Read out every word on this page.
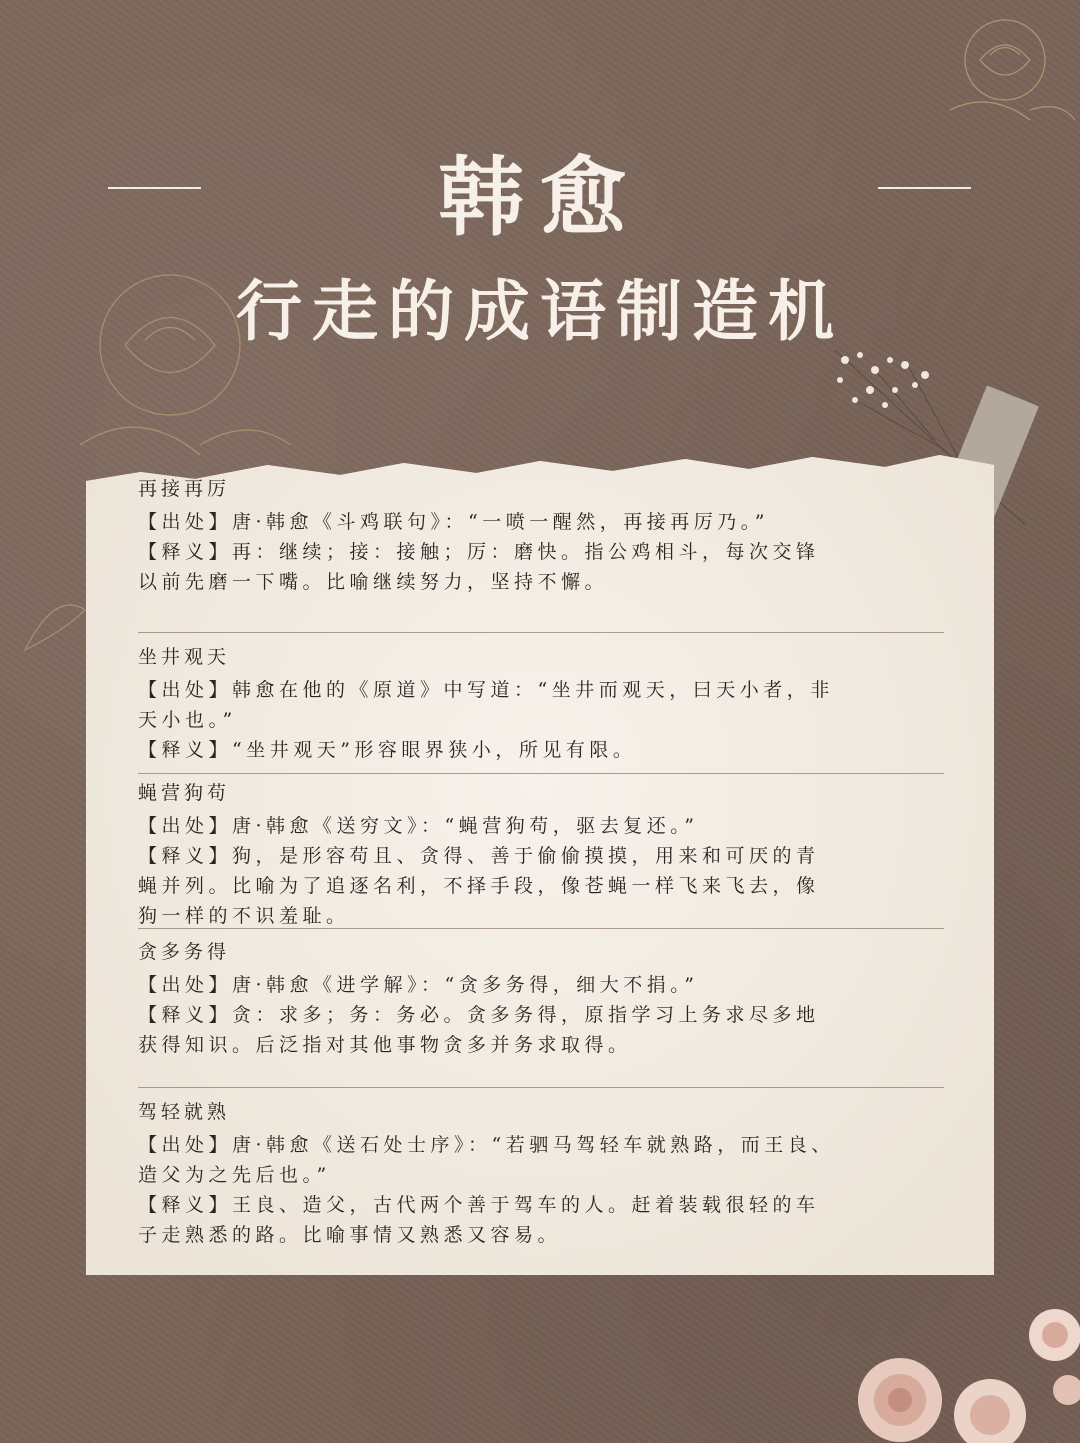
韩愈
行走的成语制造机

再接再厉

【出处】唐·韩愈《斗鸡联句》：“一喷一醒然，再接再厉乃。”

【释义】再：继续；接：接触；厉：磨快。指公鸡相斗，每次交锋

以前先磨一下嘴。比喻继续努力，坚持不懈。

坐井观天

【出处】韩愈在他的《原道》中写道：“坐井而观天，曰天小者，非

天小也。”

【释义】“坐井观天”形容眼界狭小，所见有限。

蝇营狗苟

【出处】唐·韩愈《送穷文》：“蝇营狗苟，驱去复还。”

【释义】狗，是形容苟且、贪得、善于偷偷摸摸，用来和可厌的青

蝇并列。比喻为了追逐名利，不择手段，像苍蝇一样飞来飞去，像

狗一样的不识羞耻。

贪多务得

【出处】唐·韩愈《进学解》：“贪多务得，细大不捐。”

【释义】贪：求多；务：务必。贪多务得，原指学习上务求尽多地

获得知识。后泛指对其他事物贪多并务求取得。

驾轻就熟

【出处】唐·韩愈《送石处士序》：“若驷马驾轻车就熟路，而王良、

造父为之先后也。”

【释义】王良、造父，古代两个善于驾车的人。赶着装载很轻的车

子走熟悉的路。比喻事情又熟悉又容易。
